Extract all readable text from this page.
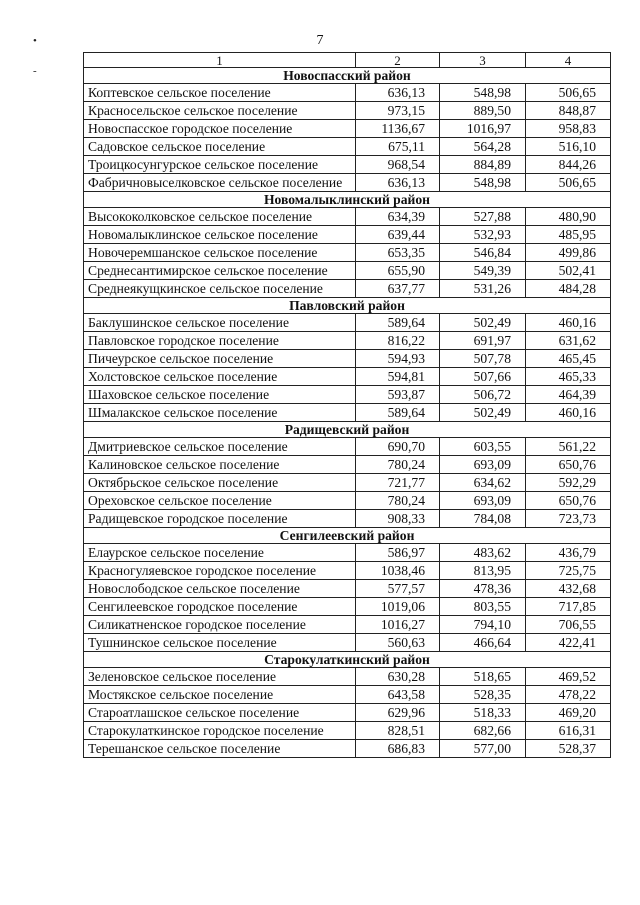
7
•
-
1	2	3	4
Новоспасский район			
Коптевское сельское поселение	636,13	548,98	506,65
Красносельское сельское поселение	973,15	889,50	848,87
Новоспасское городское поселение	1136,67	1016,97	958,83
Садовское сельское поселение	675,11	564,28	516,10
Троицкосунгурское сельское поселение	968,54	884,89	844,26
Фабричновыселковское сельское поселение	636,13	548,98	506,65
Новомалыклинский район			
Высококолковское сельское поселение	634,39	527,88	480,90
Новомалыклинское сельское поселение	639,44	532,93	485,95
Новочеремшанское сельское поселение	653,35	546,84	499,86
Среднесантимирское сельское поселение	655,90	549,39	502,41
Среднеякущкинское сельское поселение	637,77	531,26	484,28
Павловский район			
Баклушинское сельское поселение	589,64	502,49	460,16
Павловское городское поселение	816,22	691,97	631,62
Пичеурское сельское поселение	594,93	507,78	465,45
Холстовское сельское поселение	594,81	507,66	465,33
Шаховское сельское поселение	593,87	506,72	464,39
Шмалакское сельское поселение	589,64	502,49	460,16
Радищевский район			
Дмитриевское сельское поселение	690,70	603,55	561,22
Калиновское сельское поселение	780,24	693,09	650,76
Октябрьское сельское поселение	721,77	634,62	592,29
Ореховское сельское поселение	780,24	693,09	650,76
Радищевское городское поселение	908,33	784,08	723,73
Сенгилеевский район			
Елаурское сельское поселение	586,97	483,62	436,79
Красногуляевское городское поселение	1038,46	813,95	725,75
Новослободское сельское поселение	577,57	478,36	432,68
Сенгилеевское городское поселение	1019,06	803,55	717,85
Силикатненское городское поселение	1016,27	794,10	706,55
Тушнинское сельское поселение	560,63	466,64	422,41
Старокулаткинский район			
Зеленовское сельское поселение	630,28	518,65	469,52
Мостякское сельское поселение	643,58	528,35	478,22
Староатлашское сельское поселение	629,96	518,33	469,20
Старокулаткинское городское поселение	828,51	682,66	616,31
Терешанское сельское поселение	686,83	577,00	528,37
